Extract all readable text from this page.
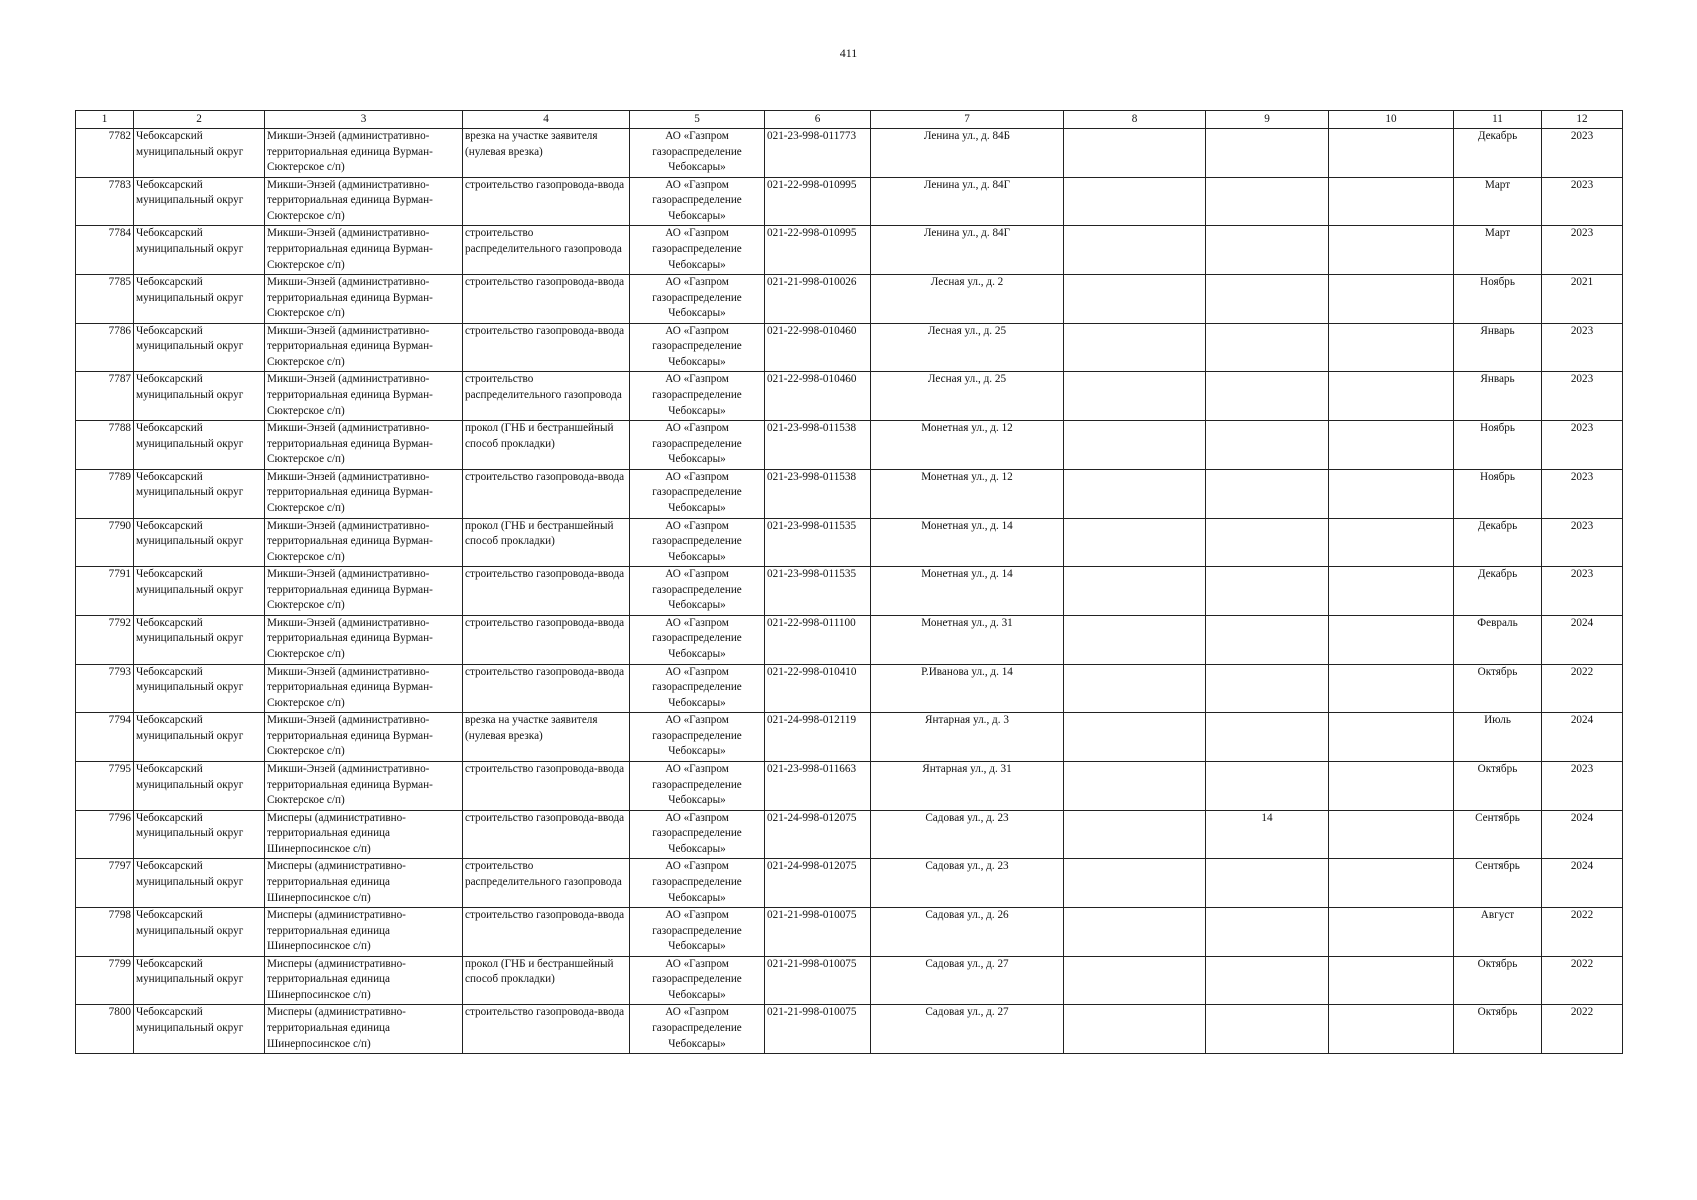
411
1	2	3	4	5	6	7	8	9	10	11	12
7782	Чебоксарский муниципальный округ	Микши-Энзей (административно-территориальная единица Вурман-Сюктерское с/п)	врезка на участке заявителя (нулевая врезка)	АО «Газпром газораспределение Чебоксары»	021-23-998-011773	Ленина ул., д. 84Б				Декабрь	2023
7783	Чебоксарский муниципальный округ	Микши-Энзей (административно-территориальная единица Вурман-Сюктерское с/п)	строительство газопровода-ввода	АО «Газпром газораспределение Чебоксары»	021-22-998-010995	Ленина ул., д. 84Г				Март	2023
7784	Чебоксарский муниципальный округ	Микши-Энзей (административно-территориальная единица Вурман-Сюктерское с/п)	строительство распределительного газопровода	АО «Газпром газораспределение Чебоксары»	021-22-998-010995	Ленина ул., д. 84Г				Март	2023
7785	Чебоксарский муниципальный округ	Микши-Энзей (административно-территориальная единица Вурман-Сюктерское с/п)	строительство газопровода-ввода	АО «Газпром газораспределение Чебоксары»	021-21-998-010026	Лесная ул., д. 2				Ноябрь	2021
7786	Чебоксарский муниципальный округ	Микши-Энзей (административно-территориальная единица Вурман-Сюктерское с/п)	строительство газопровода-ввода	АО «Газпром газораспределение Чебоксары»	021-22-998-010460	Лесная ул., д. 25				Январь	2023
7787	Чебоксарский муниципальный округ	Микши-Энзей (административно-территориальная единица Вурман-Сюктерское с/п)	строительство распределительного газопровода	АО «Газпром газораспределение Чебоксары»	021-22-998-010460	Лесная ул., д. 25				Январь	2023
7788	Чебоксарский муниципальный округ	Микши-Энзей (административно-территориальная единица Вурман-Сюктерское с/п)	прокол (ГНБ и бестраншейный способ прокладки)	АО «Газпром газораспределение Чебоксары»	021-23-998-011538	Монетная ул., д. 12				Ноябрь	2023
7789	Чебоксарский муниципальный округ	Микши-Энзей (административно-территориальная единица Вурман-Сюктерское с/п)	строительство газопровода-ввода	АО «Газпром газораспределение Чебоксары»	021-23-998-011538	Монетная ул., д. 12				Ноябрь	2023
7790	Чебоксарский муниципальный округ	Микши-Энзей (административно-территориальная единица Вурман-Сюктерское с/п)	прокол (ГНБ и бестраншейный способ прокладки)	АО «Газпром газораспределение Чебоксары»	021-23-998-011535	Монетная ул., д. 14				Декабрь	2023
7791	Чебоксарский муниципальный округ	Микши-Энзей (административно-территориальная единица Вурман-Сюктерское с/п)	строительство газопровода-ввода	АО «Газпром газораспределение Чебоксары»	021-23-998-011535	Монетная ул., д. 14				Декабрь	2023
7792	Чебоксарский муниципальный округ	Микши-Энзей (административно-территориальная единица Вурман-Сюктерское с/п)	строительство газопровода-ввода	АО «Газпром газораспределение Чебоксары»	021-22-998-011100	Монетная ул., д. 31				Февраль	2024
7793	Чебоксарский муниципальный округ	Микши-Энзей (административно-территориальная единица Вурман-Сюктерское с/п)	строительство газопровода-ввода	АО «Газпром газораспределение Чебоксары»	021-22-998-010410	Р.Иванова ул., д. 14				Октябрь	2022
7794	Чебоксарский муниципальный округ	Микши-Энзей (административно-территориальная единица Вурман-Сюктерское с/п)	врезка на участке заявителя (нулевая врезка)	АО «Газпром газораспределение Чебоксары»	021-24-998-012119	Янтарная ул., д. 3				Июль	2024
7795	Чебоксарский муниципальный округ	Микши-Энзей (административно-территориальная единица Вурман-Сюктерское с/п)	строительство газопровода-ввода	АО «Газпром газораспределение Чебоксары»	021-23-998-011663	Янтарная ул., д. 31				Октябрь	2023
7796	Чебоксарский муниципальный округ	Мисперы (административно-территориальная единица Шинерпосинское с/п)	строительство газопровода-ввода	АО «Газпром газораспределение Чебоксары»	021-24-998-012075	Садовая ул., д. 23		14		Сентябрь	2024
7797	Чебоксарский муниципальный округ	Мисперы (административно-территориальная единица Шинерпосинское с/п)	строительство распределительного газопровода	АО «Газпром газораспределение Чебоксары»	021-24-998-012075	Садовая ул., д. 23				Сентябрь	2024
7798	Чебоксарский муниципальный округ	Мисперы (административно-территориальная единица Шинерпосинское с/п)	строительство газопровода-ввода	АО «Газпром газораспределение Чебоксары»	021-21-998-010075	Садовая ул., д. 26				Август	2022
7799	Чебоксарский муниципальный округ	Мисперы (административно-территориальная единица Шинерпосинское с/п)	прокол (ГНБ и бестраншейный способ прокладки)	АО «Газпром газораспределение Чебоксары»	021-21-998-010075	Садовая ул., д. 27				Октябрь	2022
7800	Чебоксарский муниципальный округ	Мисперы (административно-территориальная единица Шинерпосинское с/п)	строительство газопровода-ввода	АО «Газпром газораспределение Чебоксары»	021-21-998-010075	Садовая ул., д. 27				Октябрь	2022
